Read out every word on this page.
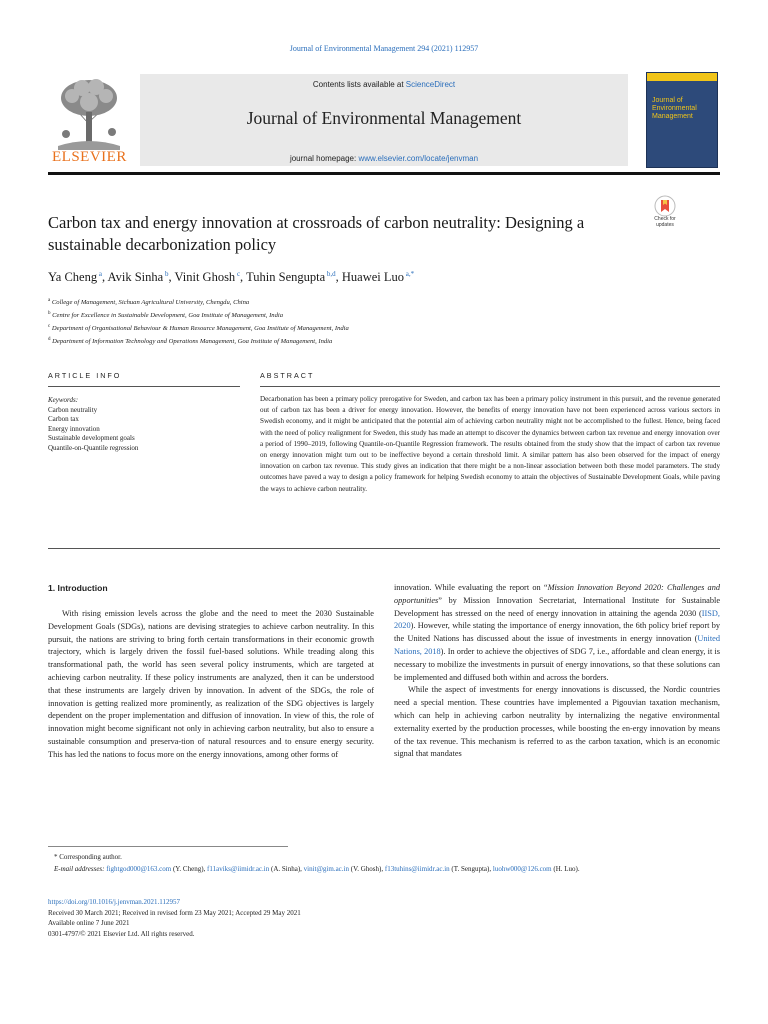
Journal of Environmental Management 294 (2021) 112957
ELSEVIER
Contents lists available at ScienceDirect
Journal of Environmental Management
journal homepage: www.elsevier.com/locate/jenvman
Journal of Environmental Management
Carbon tax and energy innovation at crossroads of carbon neutrality: Designing a sustainable decarbonization policy
Check for updates
Ya Cheng $^a$, Avik Sinha $^b$, Vinit Ghosh $^c$, Tuhin Sengupta $^{b,d}$, Huawei Luo $^{a,*}$
$^a$ College of Management, Sichuan Agricultural University, Chengdu, China
$^b$ Centre for Excellence in Sustainable Development, Goa Institute of Management, India
$^c$ Department of Organisational Behaviour & Human Resource Management, Goa Institute of Management, India
$^d$ Department of Information Technology and Operations Management, Goa Institute of Management, India
ARTICLE INFO	ABSTRACT
Keywords:
Carbon neutrality
Carbon tax
Energy innovation
Sustainable development goals
Quantile-on-Quantile regression
Decarbonation has been a primary policy prerogative for Sweden, and carbon tax has been a primary policy instrument in this pursuit, and the revenue generated out of carbon tax has been a driver for energy innovation. However, the benefits of energy innovation have not been experienced across various sectors in Swedish economy, and it might be anticipated that the potential aim of achieving carbon neutrality might not be accomplished to the fullest. Hence, being faced with the need of policy realignment for Sweden, this study has made an attempt to discover the dynamics between carbon tax revenue and energy innovation over a period of 1990–2019, following Quantile-on-Quantile Regression framework. The results obtained from the study show that the impact of carbon tax revenue on energy innovation might turn out to be ineffective beyond a certain threshold limit. A similar pattern has also been observed for the impact of energy innovation on carbon tax revenue. This study gives an indication that there might be a non-linear association between both these model parameters. The study outcomes have paved a way to design a policy framework for helping Swedish economy to attain the objectives of Sustainable Development Goals, while paving the ways to achieve carbon neutrality.
1. Introduction

With rising emission levels across the globe and the need to meet the 2030 Sustainable Development Goals (SDGs), nations are devising strategies to achieve carbon neutrality. In this pursuit, the nations are striving to bring forth certain transformations in their economic growth trajectory, which is largely driven the fossil fuel-based solutions. While treading along this transformational path, the world has seen several policy instruments, which are targeted at achieving carbon neutrality. If these policy instruments are analyzed, then it can be understood that these instruments are largely driven by innovation. In advent of the SDGs, the role of innovation is getting realized more prominently, as realization of the SDG objectives is largely dependent on the proper implementation and diffusion of innovation. In view of this, the role of innovation might become significant not only in achieving carbon neutrality, but also to ensure a sustainable consumption and preserva-tion of natural resources and to ensure energy security. This has led the nations to focus more on the energy innovations, among other forms of

innovation. While evaluating the report on “Mission Innovation Beyond 2020: Challenges and opportunities” by Mission Innovation Secretariat, International Institute for Sustainable Development has stressed on the need of energy innovation in attaining the agenda 2030 (IISD, 2020). However, while stating the importance of energy innovation, the 6th policy brief report by the United Nations has discussed about the issue of investments in energy innovation (United Nations, 2018). In order to achieve the objectives of SDG 7, i.e., affordable and clean energy, it is necessary to mobilize the investments in pursuit of energy innovations, so that these solutions can be implemented and diffused both within and across the borders.

While the aspect of investments for energy innovations is discussed, the Nordic countries need a special mention. These countries have implemented a Pigouvian taxation mechanism, which can help in achieving carbon neutrality by internalizing the negative environmental externality exerted by the production processes, while boosting the en-ergy innovation by means of the tax revenue. This mechanism is referred to as the carbon taxation, which is an economic signal that mandates

* Corresponding author.
E-mail addresses: fightgod000@163.com (Y. Cheng), f11aviks@iimidr.ac.in (A. Sinha), vinit@gim.ac.in (V. Ghosh), f13tuhins@iimidr.ac.in (T. Sengupta), luohw000@126.com (H. Luo).
https://doi.org/10.1016/j.jenvman.2021.112957
Received 30 March 2021; Received in revised form 23 May 2021; Accepted 29 May 2021
Available online 7 June 2021
0301-4797/© 2021 Elsevier Ltd. All rights reserved.
